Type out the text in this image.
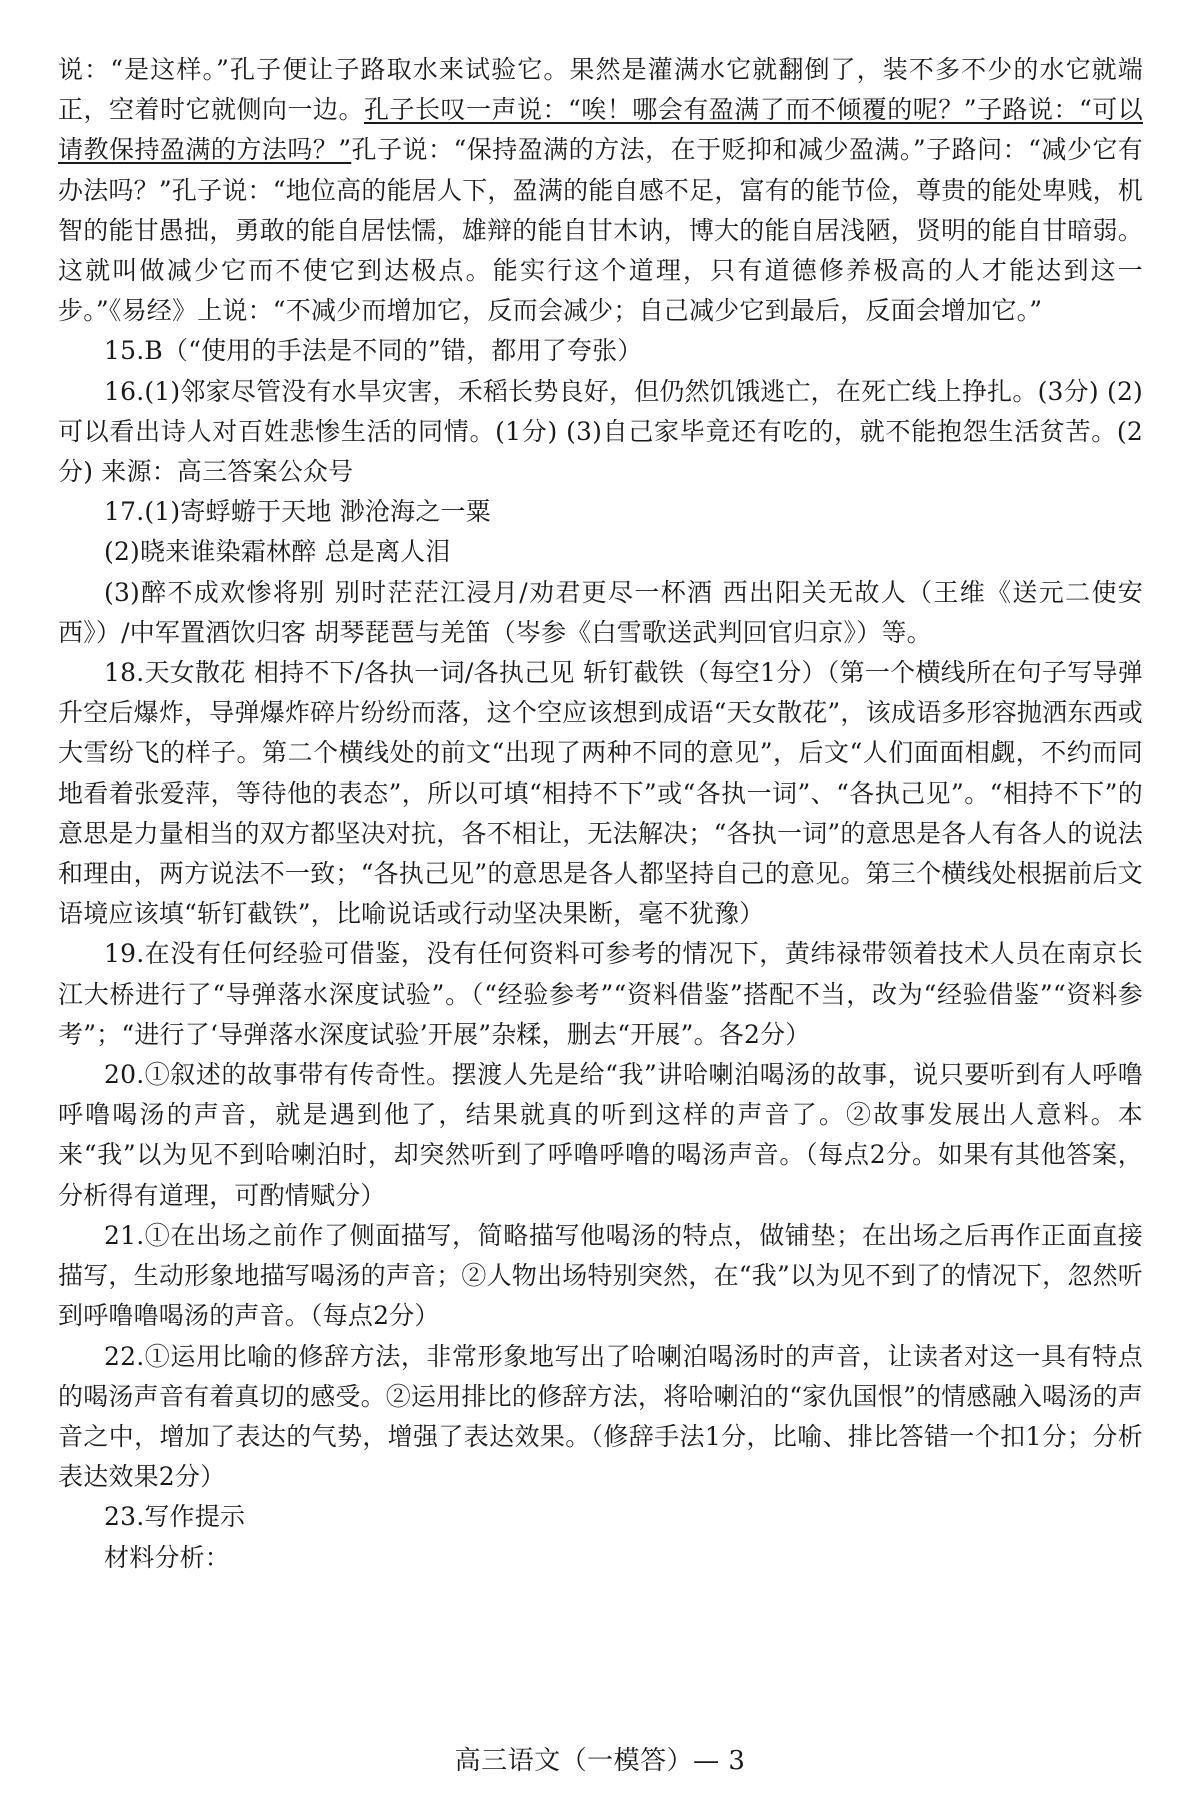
说：“是这样。”孔子便让子路取水来试验它。果然是灌满水它就翻倒了，装不多不少的水它就端正，空着时它就侧向一边。孔子长叹一声说：“唉！哪会有盈满了而不倾覆的呢？”子路说：“可以请教保持盈满的方法吗？”孔子说：“保持盈满的方法，在于贬抑和减少盈满。”子路问：“减少它有办法吗？”孔子说：“地位高的能居人下，盈满的能自感不足，富有的能节俭，尊贵的能处卑贱，机智的能甘愚拙，勇敢的能自居怯懦，雄辩的能自甘木讷，博大的能自居浅陋，贤明的能自甘暗弱。这就叫做减少它而不使它到达极点。能实行这个道理，只有道德修养极高的人才能达到这一步。”《易经》上说：“不减少而增加它，反而会减少；自己减少它到最后，反面会增加它。”

15.B（“使用的手法是不同的”错，都用了夸张）

16.(1)邻家尽管没有水旱灾害，禾稻长势良好，但仍然饥饿逃亡，在死亡线上挣扎。(3分) (2)可以看出诗人对百姓悲惨生活的同情。(1分) (3)自己家毕竟还有吃的，就不能抱怨生活贫苦。(2分) 来源：高三答案公众号

17.(1)寄蜉蝣于天地 渺沧海之一粟

(2)晓来谁染霜林醉 总是离人泪

(3)醉不成欢惨将别 别时茫茫江浸月/劝君更尽一杯酒 西出阳关无故人（王维《送元二使安西》）/中军置酒饮归客 胡琴琵琶与羌笛（岑参《白雪歌送武判回官归京》）等。

18.天女散花 相持不下/各执一词/各执己见 斩钉截铁（每空1分）（第一个横线所在句子写导弹升空后爆炸，导弹爆炸碎片纷纷而落，这个空应该想到成语“天女散花”，该成语多形容抛洒东西或大雪纷飞的样子。第二个横线处的前文“出现了两种不同的意见”，后文“人们面面相觑，不约而同地看着张爱萍，等待他的表态”，所以可填“相持不下”或“各执一词”、“各执己见”。“相持不下”的意思是力量相当的双方都坚决对抗，各不相让，无法解决；“各执一词”的意思是各人有各人的说法和理由，两方说法不一致；“各执己见”的意思是各人都坚持自己的意见。第三个横线处根据前后文语境应该填“斩钉截铁”，比喻说话或行动坚决果断，毫不犹豫）

19.在没有任何经验可借鉴，没有任何资料可参考的情况下，黄纬禄带领着技术人员在南京长江大桥进行了“导弹落水深度试验”。（“经验参考”“资料借鉴”搭配不当，改为“经验借鉴”“资料参考”；“进行了‘导弹落水深度试验’开展”杂糅，删去“开展”。各2分）

20.①叙述的故事带有传奇性。摆渡人先是给“我”讲哈喇泊喝汤的故事，说只要听到有人呼噜呼噜喝汤的声音，就是遇到他了，结果就真的听到这样的声音了。②故事发展出人意料。本来“我”以为见不到哈喇泊时，却突然听到了呼噜呼噜的喝汤声音。（每点2分。如果有其他答案，分析得有道理，可酌情赋分）

21.①在出场之前作了侧面描写，简略描写他喝汤的特点，做铺垫；在出场之后再作正面直接描写，生动形象地描写喝汤的声音；②人物出场特别突然，在“我”以为见不到了的情况下，忽然听到呼噜噜喝汤的声音。（每点2分）

22.①运用比喻的修辞方法，非常形象地写出了哈喇泊喝汤时的声音，让读者对这一具有特点的喝汤声音有着真切的感受。②运用排比的修辞方法，将哈喇泊的“家仇国恨”的情感融入喝汤的声音之中，增加了表达的气势，增强了表达效果。（修辞手法1分，比喻、排比答错一个扣1分；分析表达效果2分）

23.写作提示

材料分析：

高三语文（一模答）— 3
